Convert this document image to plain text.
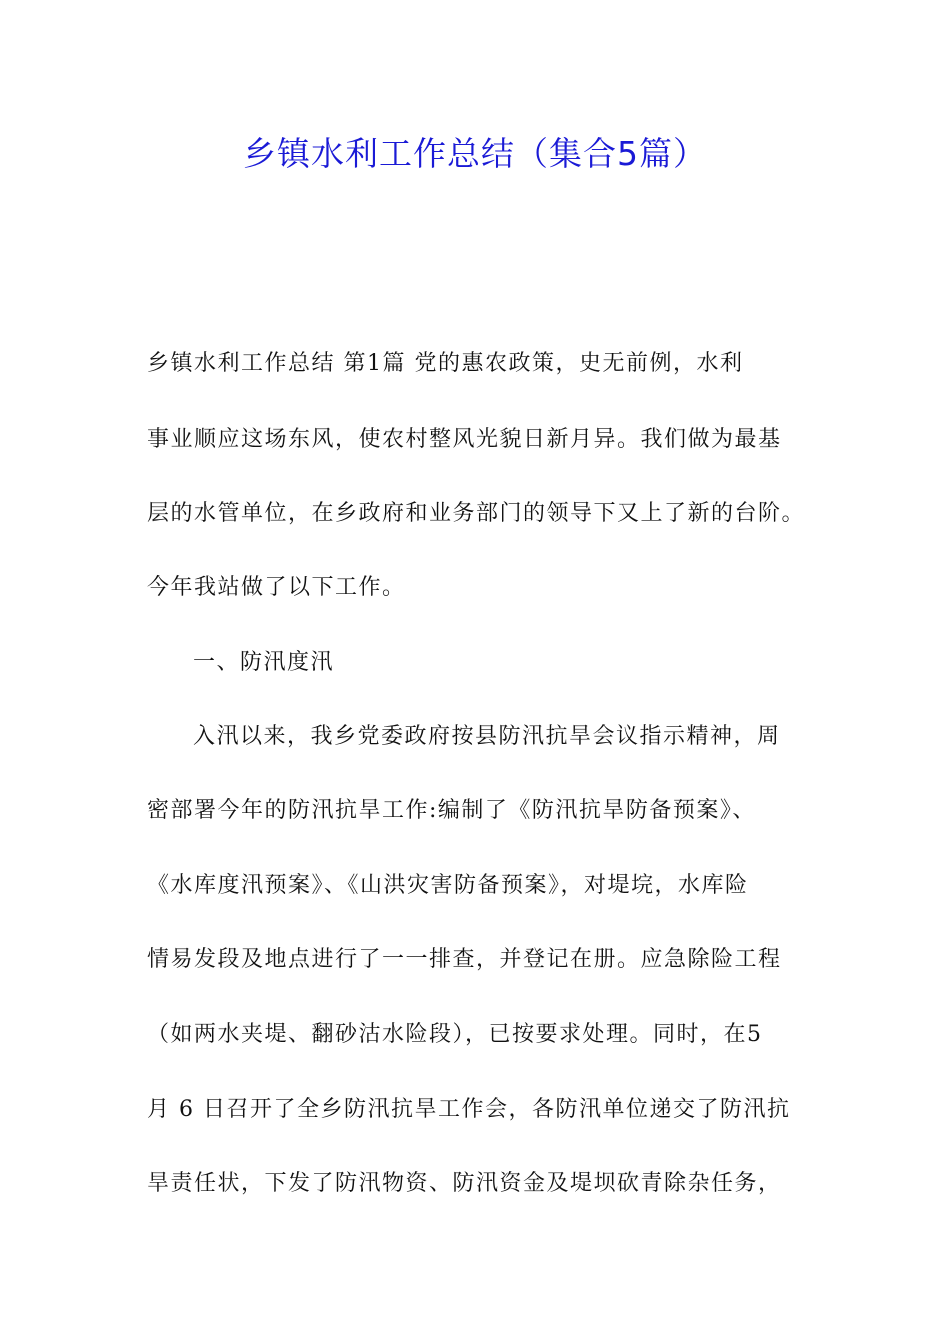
乡镇水利工作总结（集合5篇）
乡镇水利工作总结 第1篇 党的惠农政策，史无前例，水利
事业顺应这场东风，使农村整风光貌日新月异。我们做为最基
层的水管单位，在乡政府和业务部门的领导下又上了新的台阶。
今年我站做了以下工作。
一、防汛度汛
入汛以来，我乡党委政府按县防汛抗旱会议指示精神，周
密部署今年的防汛抗旱工作:编制了《防汛抗旱防备预案》、
《水库度汛预案》、《山洪灾害防备预案》，对堤垸，水库险
情易发段及地点进行了一一排查，并登记在册。应急除险工程
（如两水夹堤、翻砂沽水险段），已按要求处理。同时，在5
月 6 日召开了全乡防汛抗旱工作会，各防汛单位递交了防汛抗
旱责任状，下发了防汛物资、防汛资金及堤坝砍青除杂任务，
